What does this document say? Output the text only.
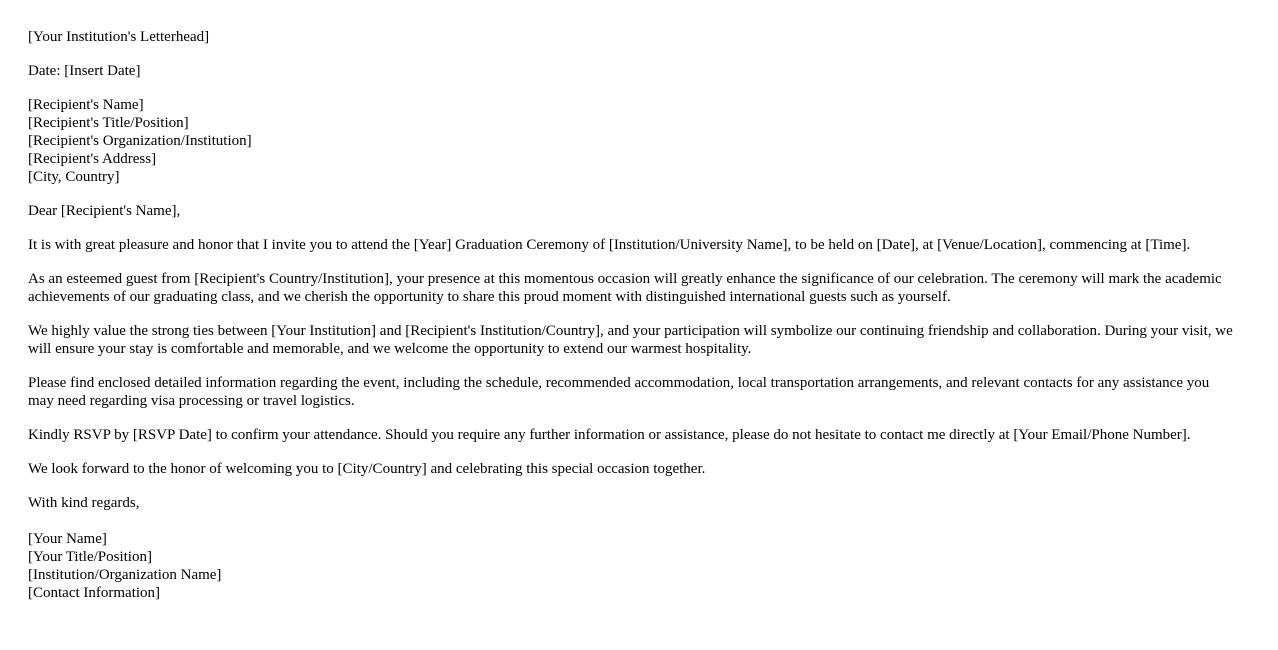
[Your Institution's Letterhead]
Date: [Insert Date]
[Recipient's Name]
[Recipient's Title/Position]
[Recipient's Organization/Institution]
[Recipient's Address]
[City, Country]
Dear [Recipient's Name],

It is with great pleasure and honor that I invite you to attend the [Year] Graduation Ceremony of [Institution/University Name], to be held on [Date], at [Venue/Location], commencing at [Time].

As an esteemed guest from [Recipient's Country/Institution], your presence at this momentous occasion will greatly enhance the significance of our celebration. The ceremony will mark the academic achievements of our graduating class, and we cherish the opportunity to share this proud moment with distinguished international guests such as yourself.

We highly value the strong ties between [Your Institution] and [Recipient's Institution/Country], and your participation will symbolize our continuing friendship and collaboration. During your visit, we will ensure your stay is comfortable and memorable, and we welcome the opportunity to extend our warmest hospitality.

Please find enclosed detailed information regarding the event, including the schedule, recommended accommodation, local transportation arrangements, and relevant contacts for any assistance you may need regarding visa processing or travel logistics.

Kindly RSVP by [RSVP Date] to confirm your attendance. Should you require any further information or assistance, please do not hesitate to contact me directly at [Your Email/Phone Number].

We look forward to the honor of welcoming you to [City/Country] and celebrating this special occasion together.

With kind regards,
[Your Name]
[Your Title/Position]
[Institution/Organization Name]
[Contact Information]
